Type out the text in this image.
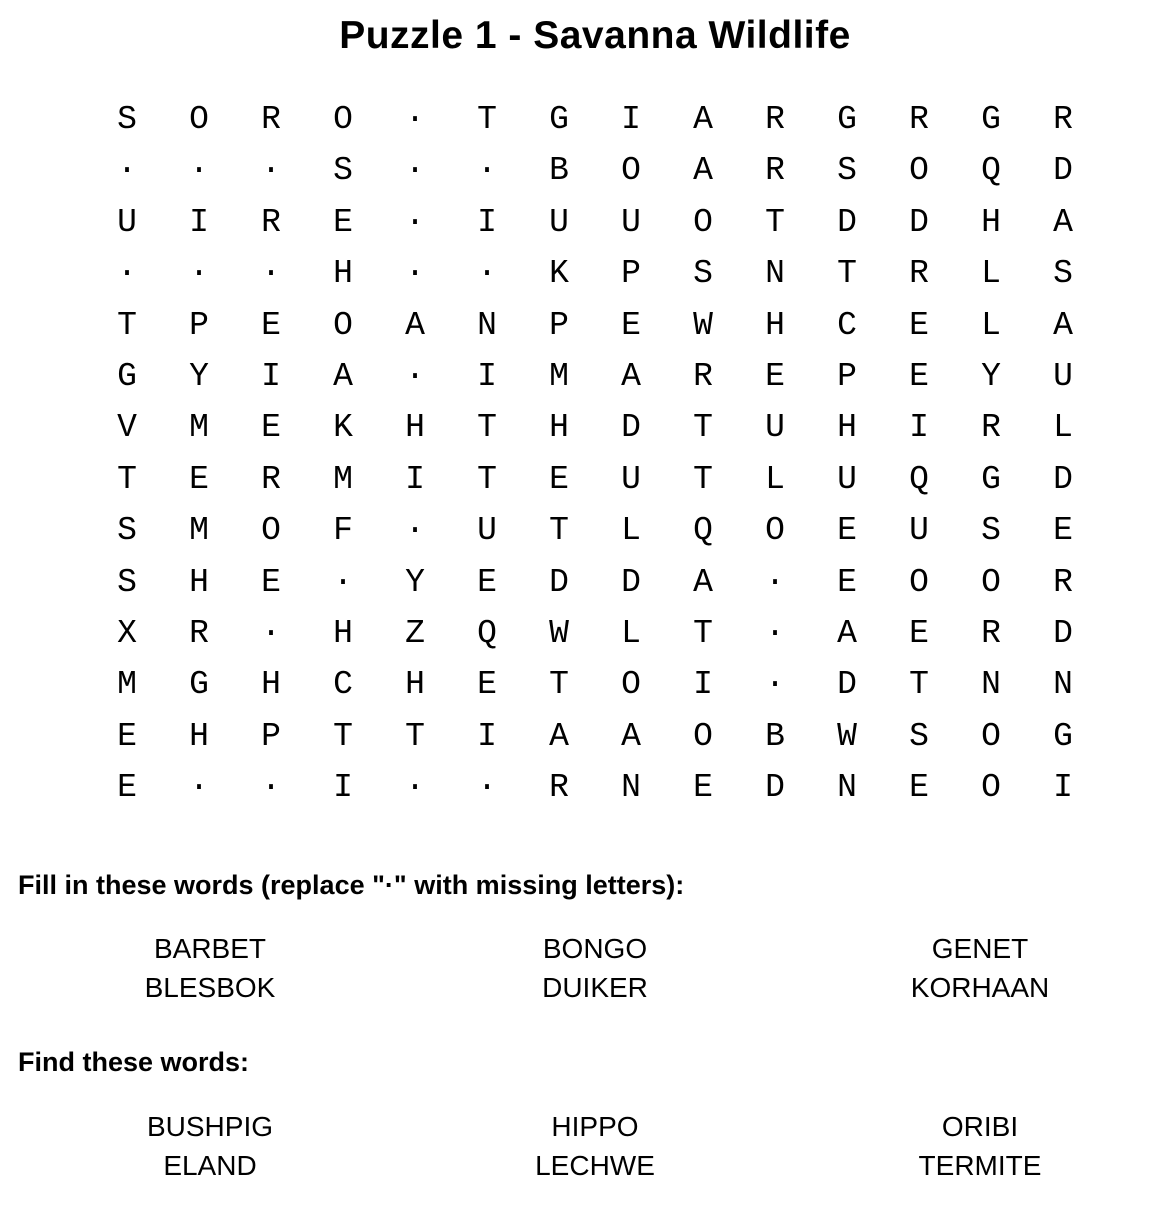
Puzzle 1 - Savanna Wildlife
S	O	R	O	·	T	G	I	A	R	G	R	G	R
·	·	·	S	·	·	B	O	A	R	S	O	Q	D
U	I	R	E	·	I	U	U	O	T	D	D	H	A
·	·	·	H	·	·	K	P	S	N	T	R	L	S
T	P	E	O	A	N	P	E	W	H	C	E	L	A
G	Y	I	A	·	I	M	A	R	E	P	E	Y	U
V	M	E	K	H	T	H	D	T	U	H	I	R	L
T	E	R	M	I	T	E	U	T	L	U	Q	G	D
S	M	O	F	·	U	T	L	Q	O	E	U	S	E
S	H	E	·	Y	E	D	D	A	·	E	O	O	R
X	R	·	H	Z	Q	W	L	T	·	A	E	R	D
M	G	H	C	H	E	T	O	I	·	D	T	N	N
E	H	P	T	T	I	A	A	O	B	W	S	O	G
E	·	·	I	·	·	R	N	E	D	N	E	O	I
Fill in these words (replace "·" with missing letters):
BARBET	BONGO	GENET
BLESBOK	DUIKER	KORHAAN
Find these words:
BUSHPIG	HIPPO	ORIBI
ELAND	LECHWE	TERMITE
